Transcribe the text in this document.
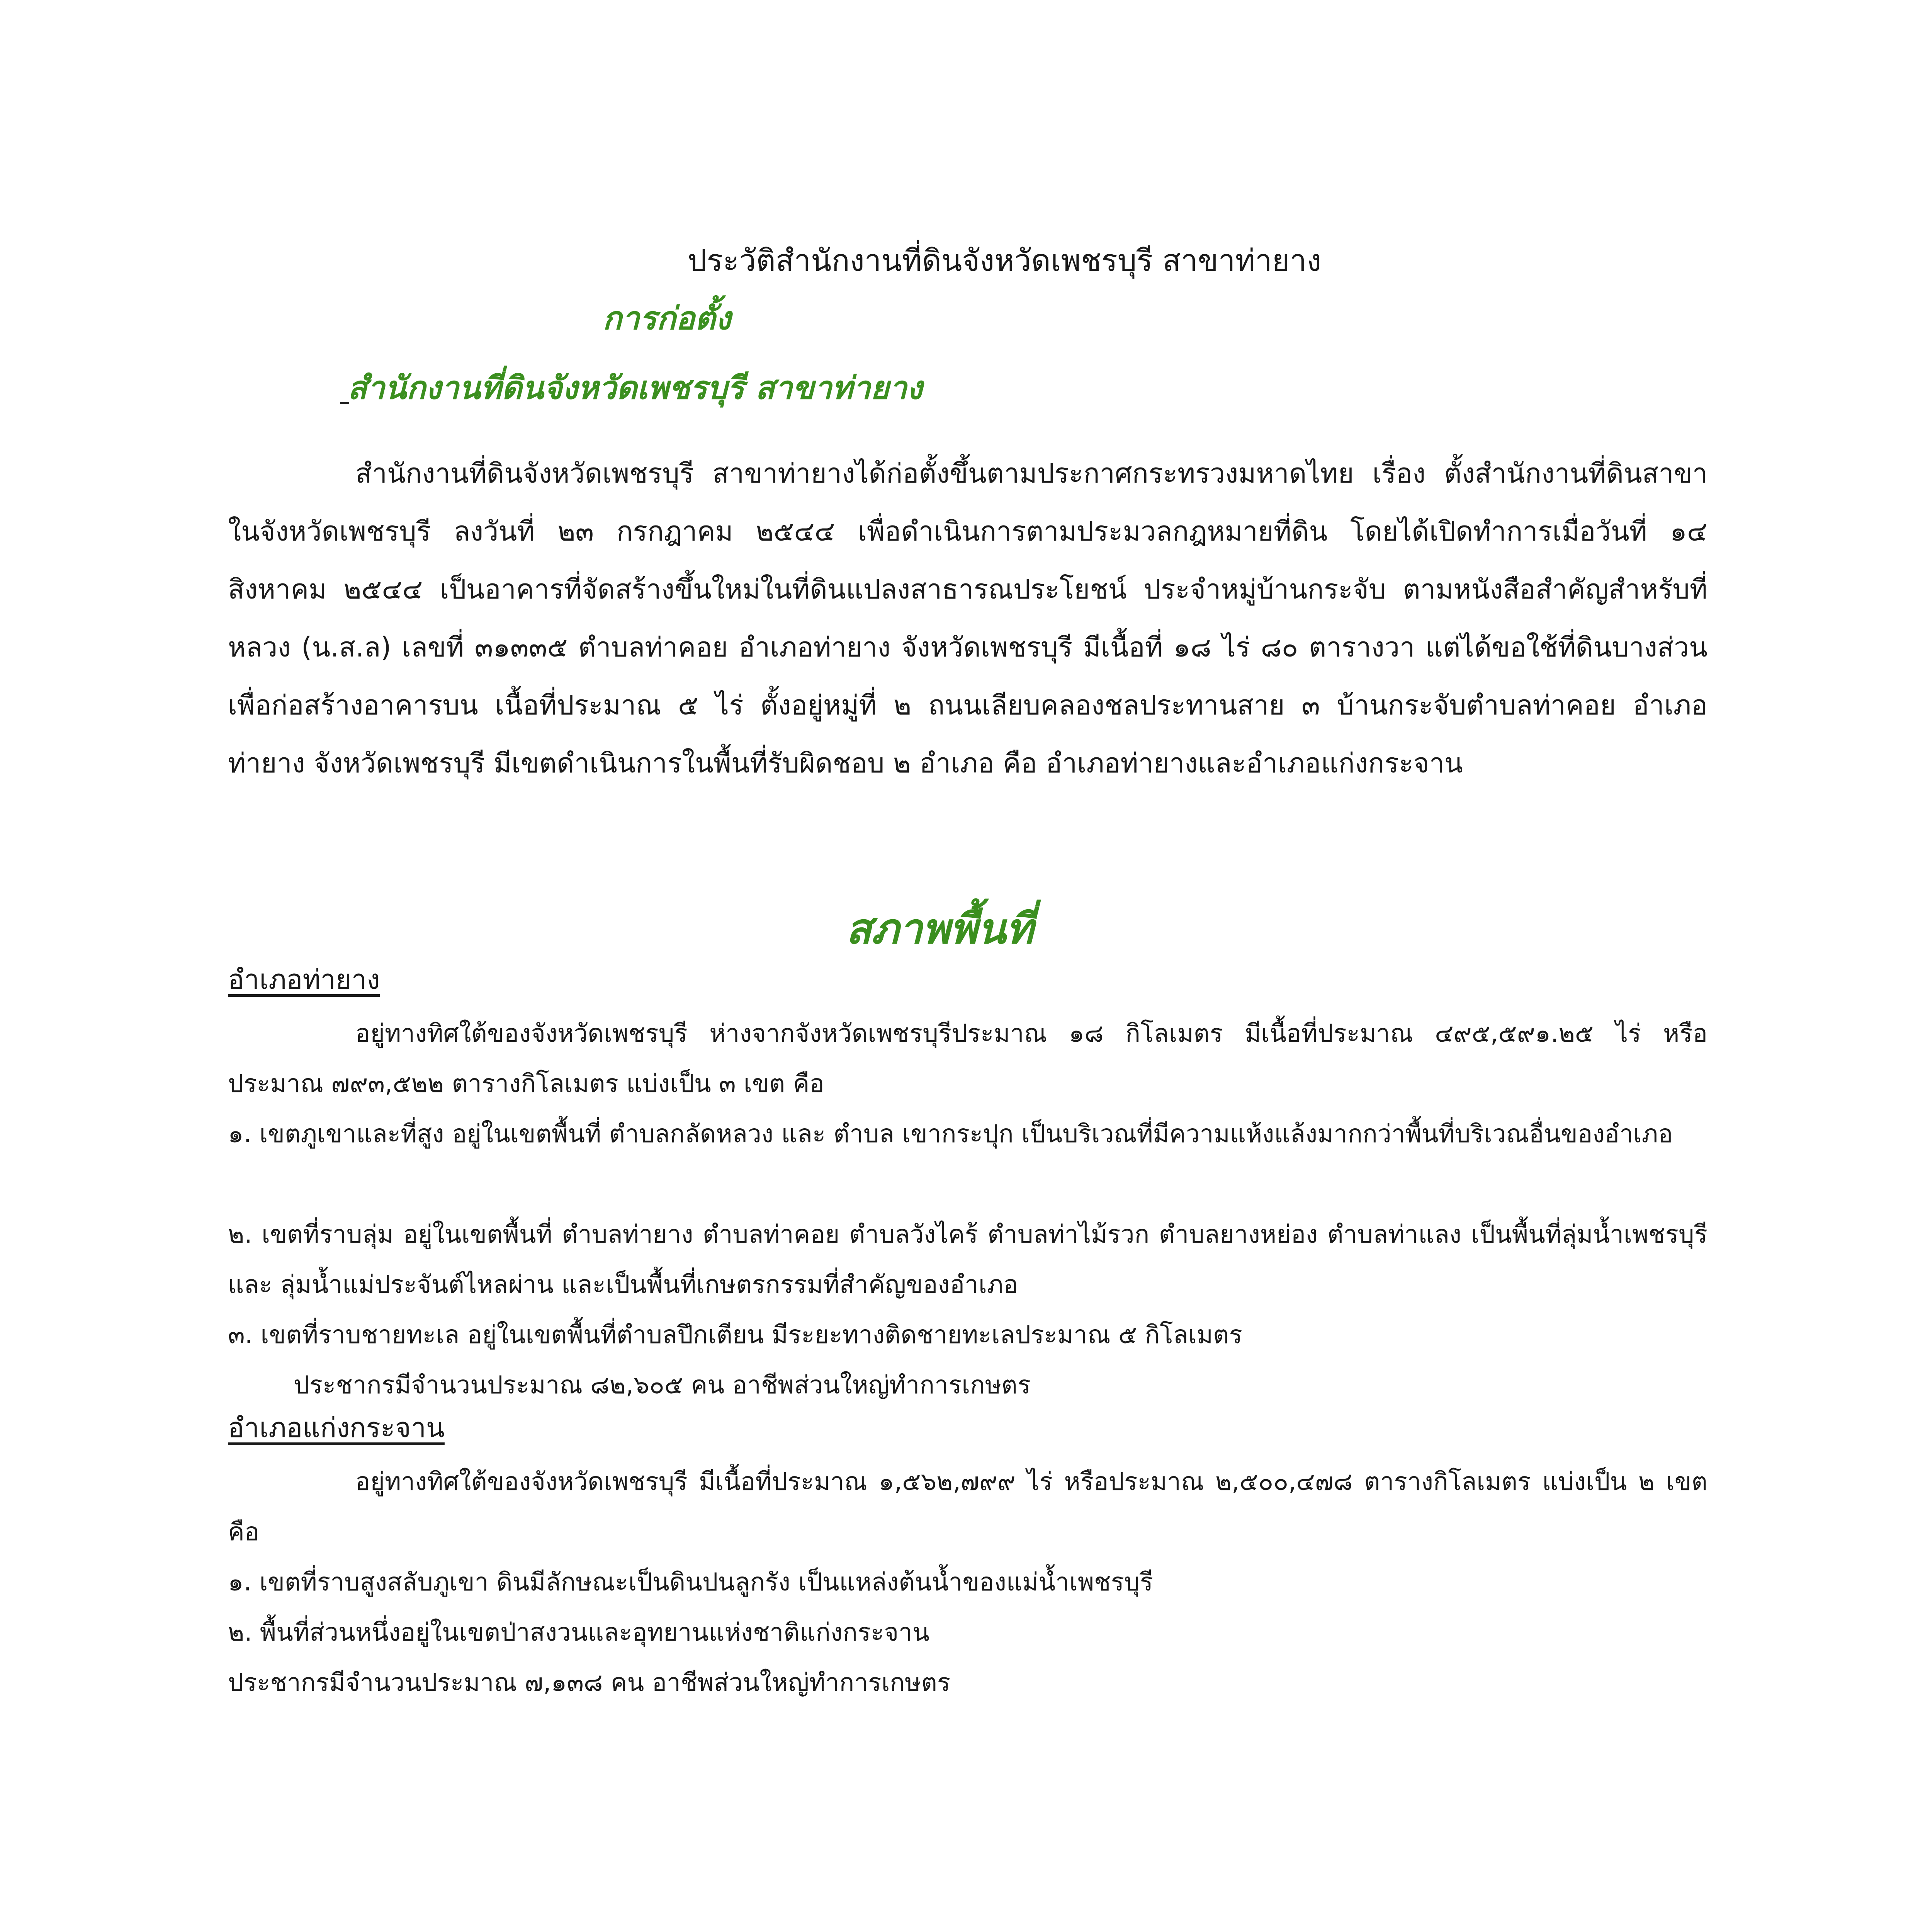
ประวัติสำนักงานที่ดินจังหวัดเพชรบุรี สาขาท่ายาง
การก่อตั้ง
สำนักงานที่ดินจังหวัดเพชรบุรี สาขาท่ายาง

สำนักงานที่ดินจังหวัดเพชรบุรี สาขาท่ายางได้ก่อตั้งขึ้นตามประกาศกระทรวงมหาดไทย เรื่อง ตั้งสำนักงานที่ดินสาขาในจังหวัดเพชรบุรี ลงวันที่ ๒๓ กรกฎาคม ๒๕๔๔ เพื่อดำเนินการตามประมวลกฎหมายที่ดิน โดยได้เปิดทำการเมื่อวันที่ ๑๔ สิงหาคม ๒๕๔๔ เป็นอาคารที่จัดสร้างขึ้นใหม่ในที่ดินแปลงสาธารณประโยชน์ ประจำหมู่บ้านกระจับ ตามหนังสือสำคัญสำหรับที่หลวง (น.ส.ล) เลขที่ ๓๑๓๓๕ ตำบลท่าคอย อำเภอท่ายาง จังหวัดเพชรบุรี มีเนื้อที่ ๑๘ ไร่ ๘๐ ตารางวา แต่ได้ขอใช้ที่ดินบางส่วน เพื่อก่อสร้างอาคารบน เนื้อที่ประมาณ ๕ ไร่ ตั้งอยู่หมู่ที่ ๒ ถนนเลียบคลองชลประทานสาย ๓ บ้านกระจับตำบลท่าคอย อำเภอท่ายาง จังหวัดเพชรบุรี มีเขตดำเนินการในพื้นที่รับผิดชอบ ๒ อำเภอ คือ อำเภอท่ายางและอำเภอแก่งกระจาน

สภาพพื้นที่
อำเภอท่ายาง

อยู่ทางทิศใต้ของจังหวัดเพชรบุรี ห่างจากจังหวัดเพชรบุรีประมาณ ๑๘ กิโลเมตร มีเนื้อที่ประมาณ ๔๙๕,๕๙๑.๒๕ ไร่ หรือ ประมาณ ๗๙๓,๕๒๒ ตารางกิโลเมตร แบ่งเป็น ๓ เขต คือ

๑. เขตภูเขาและที่สูง อยู่ในเขตพื้นที่ ตำบลกลัดหลวง และ ตำบล เขากระปุก เป็นบริเวณที่มีความแห้งแล้งมากกว่าพื้นที่บริเวณอื่นของอำเภอ

๒. เขตที่ราบลุ่ม อยู่ในเขตพื้นที่ ตำบลท่ายาง ตำบลท่าคอย ตำบลวังไคร้ ตำบลท่าไม้รวก ตำบลยางหย่อง ตำบลท่าแลง เป็นพื้นที่ลุ่มน้ำเพชรบุรี และ ลุ่มน้ำแม่ประจันต์ไหลผ่าน และเป็นพื้นที่เกษตรกรรมที่สำคัญของอำเภอ

๓. เขตที่ราบชายทะเล อยู่ในเขตพื้นที่ตำบลปึกเตียน มีระยะทางติดชายทะเลประมาณ ๕ กิโลเมตร
ประชากรมีจำนวนประมาณ ๘๒,๖๐๕ คน อาชีพส่วนใหญ่ทำการเกษตร
อำเภอแก่งกระจาน

อยู่ทางทิศใต้ของจังหวัดเพชรบุรี มีเนื้อที่ประมาณ ๑,๕๖๒,๗๙๙ ไร่ หรือประมาณ ๒,๕๐๐,๔๗๘ ตารางกิโลเมตร แบ่งเป็น ๒ เขต คือ

๑. เขตที่ราบสูงสลับภูเขา ดินมีลักษณะเป็นดินปนลูกรัง เป็นแหล่งต้นน้ำของแม่น้ำเพชรบุรี
๒. พื้นที่ส่วนหนึ่งอยู่ในเขตป่าสงวนและอุทยานแห่งชาติแก่งกระจาน
ประชากรมีจำนวนประมาณ ๗,๑๓๘ คน อาชีพส่วนใหญ่ทำการเกษตร
